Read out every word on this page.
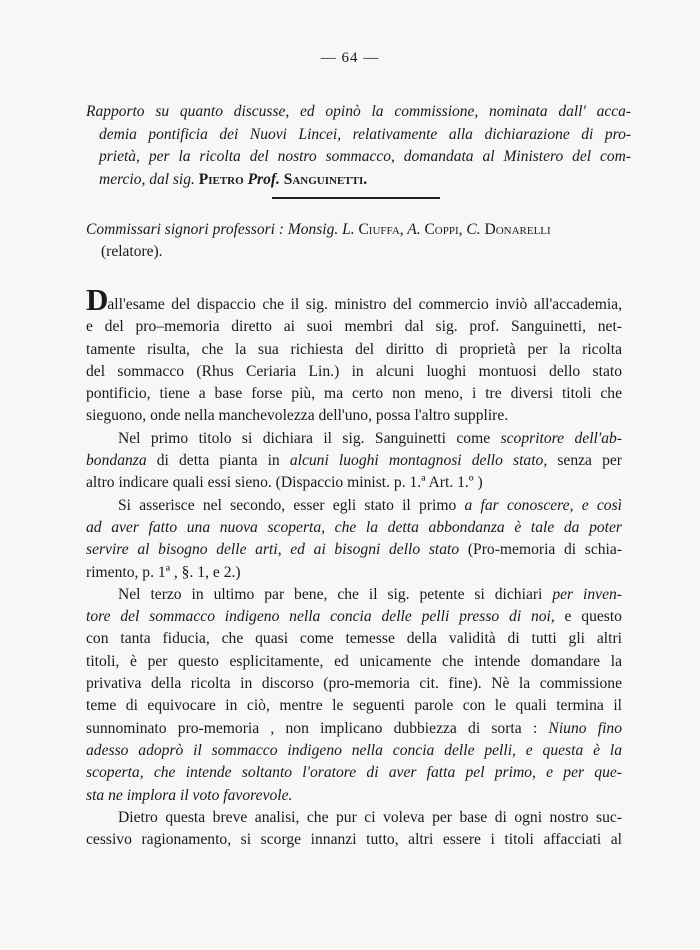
— 64 —
Rapporto su quanto discusse, ed opinò la commissione, nominata dall' acca-
demia pontificia dei Nuovi Lincei, relativamente alla dichiarazione di pro-
prietà, per la ricolta del nostro sommacco, domandata al Ministero del com-
mercio, dal sig. Pietro Prof. Sanguinetti.
Commissari signori professori : Monsig. L. Ciuffa, A. Coppi, C. Donarelli
(relatore).
Dall'esame del dispaccio che il sig. ministro del commercio inviò all'accademia,
e del pro–memoria diretto ai suoi membri dal sig. prof. Sanguinetti, net-
tamente risulta, che la sua richiesta del diritto di proprietà per la ricolta
del sommacco (Rhus Ceriaria Lin.) in alcuni luoghi montuosi dello stato
pontificio, tiene a base forse più, ma certo non meno, i tre diversi titoli che
sieguono, onde nella manchevolezza dell'uno, possa l'altro supplire.
Nel primo titolo si dichiara il sig. Sanguinetti come scopritore dell'ab-
bondanza di detta pianta in alcuni luoghi montagnosi dello stato, senza per
altro indicare quali essi sieno. (Dispaccio minist. p. 1.ª Art. 1.º )
Si asserisce nel secondo, esser egli stato il primo a far conoscere, e così
ad aver fatto una nuova scoperta, che la detta abbondanza è tale da poter
servire al bisogno delle arti, ed ai bisogni dello stato (Pro-memoria di schia-
rimento, p. 1ª , §. 1, e 2.)
Nel terzo in ultimo par bene, che il sig. petente si dichiari per inven-
tore del sommacco indigeno nella concia delle pelli presso di noi, e questo
con tanta fiducia, che quasi come temesse della validità di tutti gli altri
titoli, è per questo esplicitamente, ed unicamente che intende domandare la
privativa della ricolta in discorso (pro-memoria cit. fine). Nè la commissione
teme di equivocare in ciò, mentre le seguenti parole con le quali termina il
sunnominato pro-memoria , non implicano dubbiezza di sorta : Niuno fino
adesso adoprò il sommacco indigeno nella concia delle pelli, e questa è la
scoperta, che intende soltanto l'oratore di aver fatta pel primo, e per que-
sta ne implora il voto favorevole.
Dietro questa breve analisi, che pur ci voleva per base di ogni nostro suc-
cessivo ragionamento, si scorge innanzi tutto, altri essere i titoli affacciati al
